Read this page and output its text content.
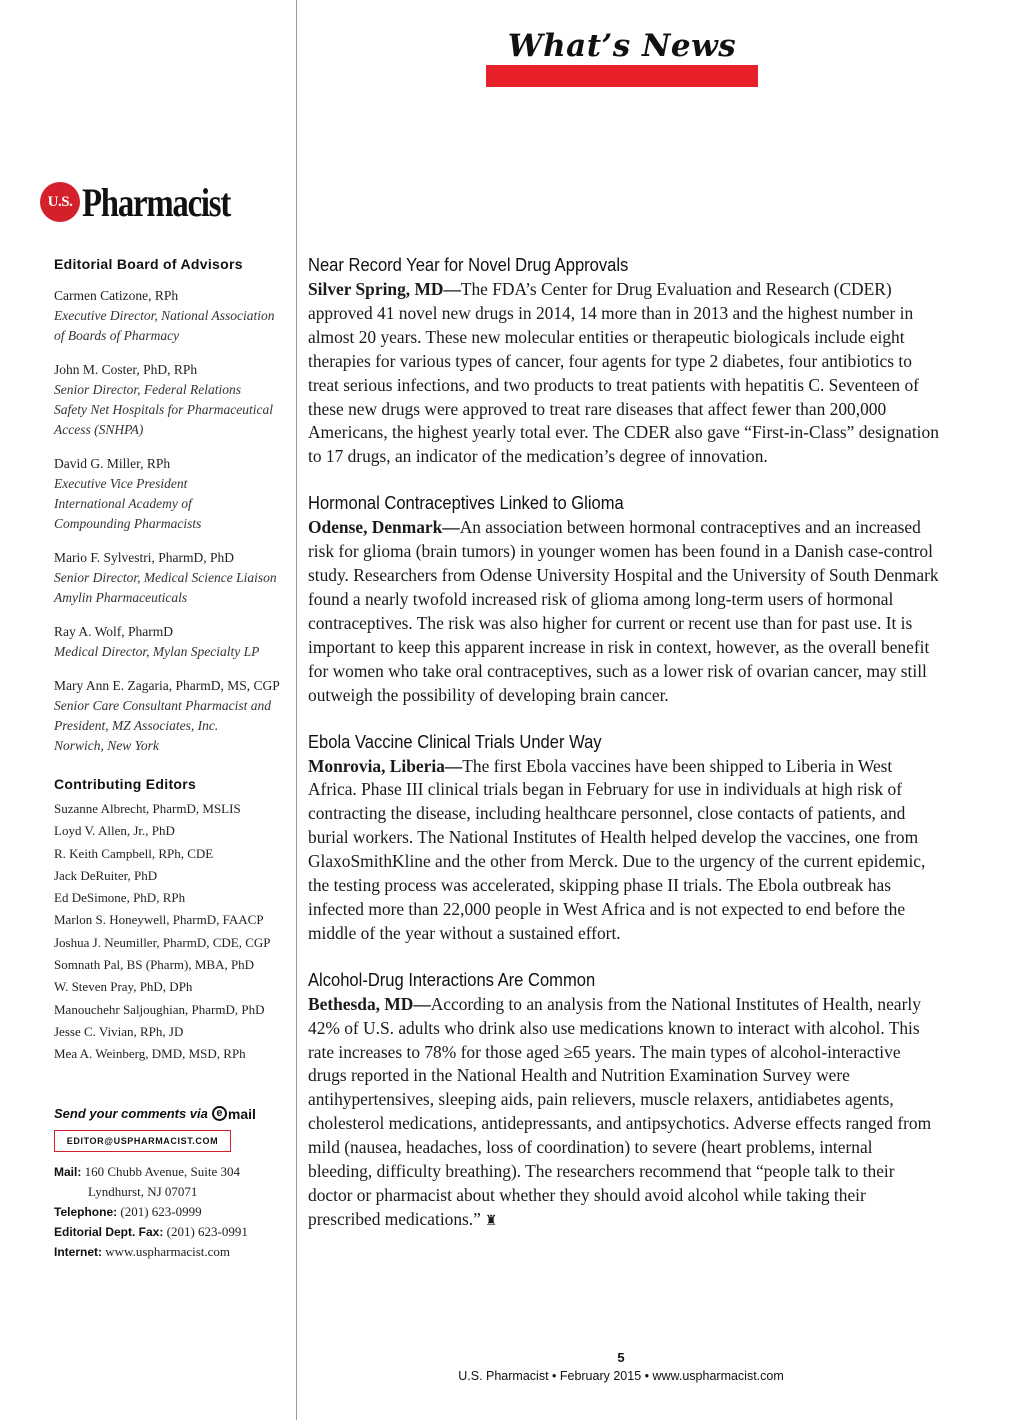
What’s News
U.S. Pharmacist
Editorial Board of Advisors
Carmen Catizone, RPh
Executive Director, National Association
of Boards of Pharmacy
John M. Coster, PhD, RPh
Senior Director, Federal Relations
Safety Net Hospitals for Pharmaceutical
Access (SNHPA)
David G. Miller, RPh
Executive Vice President
International Academy of
Compounding Pharmacists
Mario F. Sylvestri, PharmD, PhD
Senior Director, Medical Science Liaison
Amylin Pharmaceuticals
Ray A. Wolf, PharmD
Medical Director, Mylan Specialty LP
Mary Ann E. Zagaria, PharmD, MS, CGP
Senior Care Consultant Pharmacist and
President, MZ Associates, Inc.
Norwich, New York
Contributing Editors
Suzanne Albrecht, PharmD, MSLIS
Loyd V. Allen, Jr., PhD
R. Keith Campbell, RPh, CDE
Jack DeRuiter, PhD
Ed DeSimone, PhD, RPh
Marlon S. Honeywell, PharmD, FAACP
Joshua J. Neumiller, PharmD, CDE, CGP
Somnath Pal, BS (Pharm), MBA, PhD
W. Steven Pray, PhD, DPh
Manouchehr Saljoughian, PharmD, PhD
Jesse C. Vivian, RPh, JD
Mea A. Weinberg, DMD, MSD, RPh
Send your comments via e mail
EDITOR@USPHARMACIST.COM
Mail: 160 Chubb Avenue, Suite 304
Lyndhurst, NJ 07071
Telephone: (201) 623-0999
Editorial Dept. Fax: (201) 623-0991
Internet: www.uspharmacist.com
Near Record Year for Novel Drug Approvals

Silver Spring, MD—The FDA’s Center for Drug Evaluation and Research (CDER) approved 41 novel new drugs in 2014, 14 more than in 2013 and the highest number in almost 20 years. These new molecular entities or therapeutic biologicals include eight therapies for various types of cancer, four agents for type 2 diabetes, four antibiotics to treat serious infections, and two products to treat patients with hepatitis C. Seventeen of these new drugs were approved to treat rare diseases that affect fewer than 200,000 Americans, the highest yearly total ever. The CDER also gave “First-in-Class” designation to 17 drugs, an indicator of the medication’s degree of innovation.

Hormonal Contraceptives Linked to Glioma

Odense, Denmark—An association between hormonal contraceptives and an increased risk for glioma (brain tumors) in younger women has been found in a Danish case-control study. Researchers from Odense University Hospital and the University of South Denmark found a nearly twofold increased risk of glioma among long-term users of hormonal contraceptives. The risk was also higher for current or recent use than for past use. It is important to keep this apparent increase in risk in context, however, as the overall benefit for women who take oral contraceptives, such as a lower risk of ovarian cancer, may still outweigh the possibility of developing brain cancer.

Ebola Vaccine Clinical Trials Under Way

Monrovia, Liberia—The first Ebola vaccines have been shipped to Liberia in West Africa. Phase III clinical trials began in February for use in individuals at high risk of contracting the disease, including healthcare personnel, close contacts of patients, and burial workers. The National Institutes of Health helped develop the vaccines, one from GlaxoSmithKline and the other from Merck. Due to the urgency of the current epidemic, the testing process was accelerated, skipping phase II trials. The Ebola outbreak has infected more than 22,000 people in West Africa and is not expected to end before the middle of the year without a sustained effort.

Alcohol-Drug Interactions Are Common

Bethesda, MD—According to an analysis from the National Institutes of Health, nearly 42% of U.S. adults who drink also use medications known to interact with alcohol. This rate increases to 78% for those aged ≥65 years. The main types of alcohol-interactive drugs reported in the National Health and Nutrition Examination Survey were antihypertensives, sleeping aids, pain relievers, muscle relaxers, antidiabetes agents, cholesterol medications, antidepressants, and antipsychotics. Adverse effects ranged from mild (nausea, headaches, loss of coordination) to severe (heart problems, internal bleeding, difficulty breathing). The researchers recommend that “people talk to their doctor or pharmacist about whether they should avoid alcohol while taking their prescribed medications.” ♜

5
U.S. Pharmacist • February 2015 • www.uspharmacist.com
